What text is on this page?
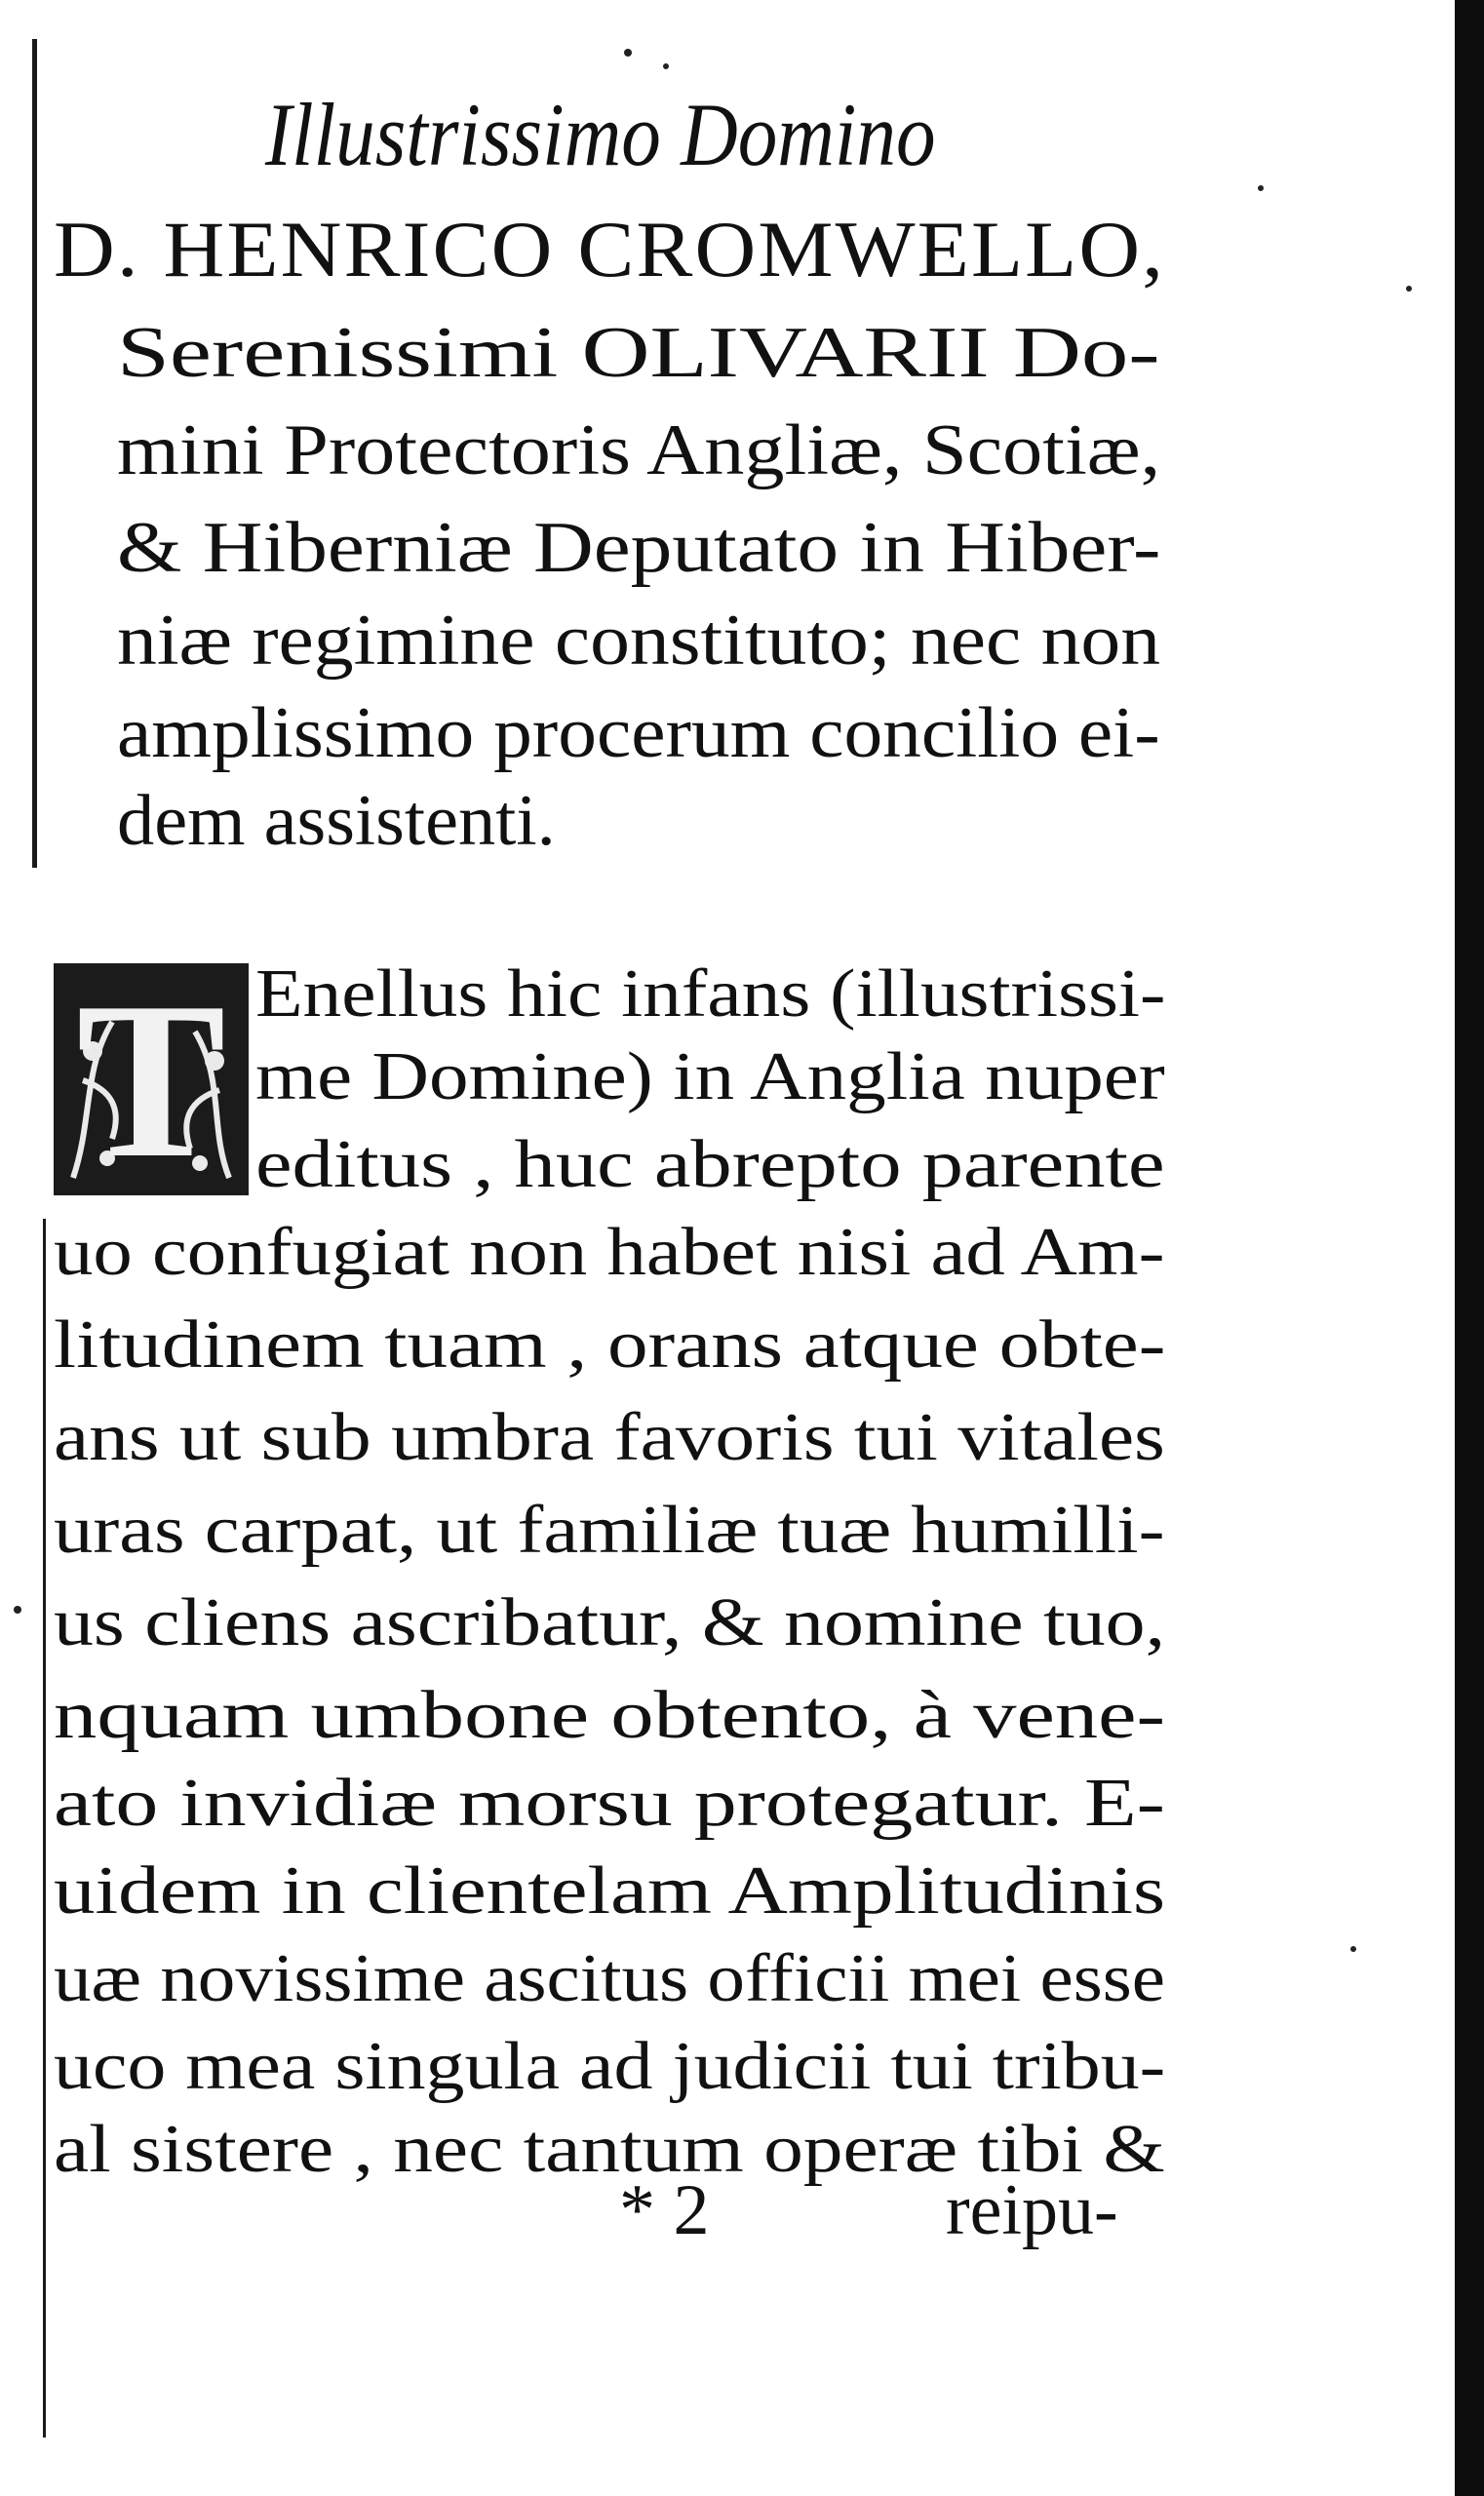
Illustrissimo Domino
D. HENRICO CROMWELLO,
Serenissimi OLIVARII Do-
mini Protectoris Angliæ, Scotiæ,
& Hiberniæ Deputato in Hiber-
niæ regimine constituto; nec non
amplissimo procerum concilio ei-
dem assistenti.
T Enellus hic infans (illustrissi-
me Domine) in Anglia nuper
editus , huc abrepto parente
uo confugiat non habet nisi ad Am-
litudinem tuam , orans atque obte-
ans ut sub umbra favoris tui vitales
uras carpat, ut familiæ tuæ humilli-
us cliens ascribatur, & nomine tuo,
nquam umbone obtento, à vene-
ato invidiæ morsu protegatur. E-
uidem in clientelam Amplitudinis
uæ novissime ascitus officii mei esse
uco mea singula ad judicii tui tribu-
al sistere , nec tantum operæ tibi &
* 2	reipu-
